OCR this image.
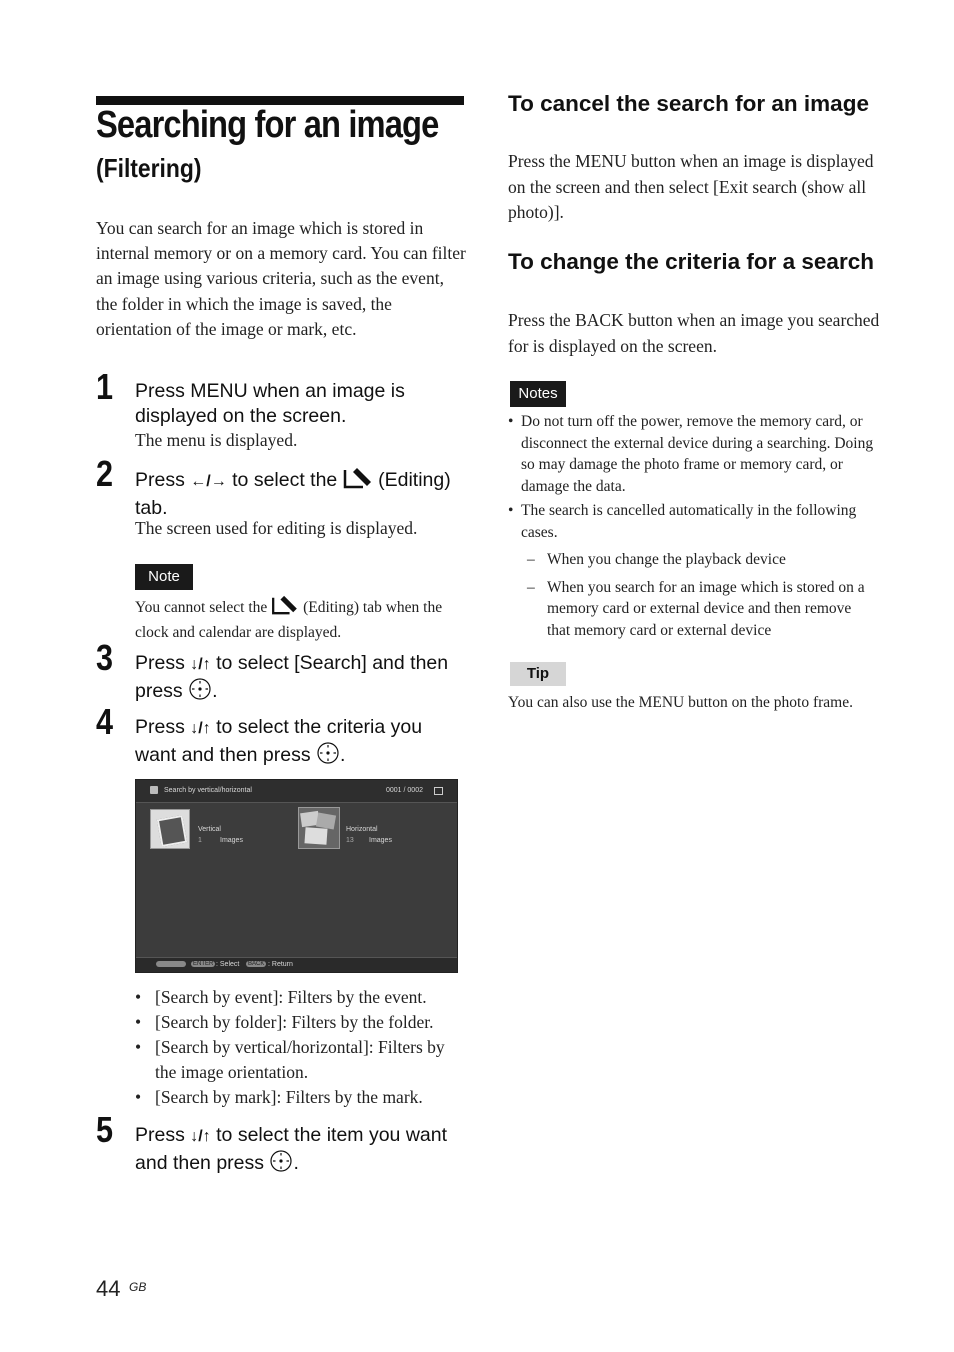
Searching for an image
(Filtering)
You can search for an image which is stored in internal memory or on a memory card. You can filter an image using various criteria, such as the event, the folder in which the image is saved, the orientation of the image or mark, etc.
1 Press MENU when an image is displayed on the screen.
The menu is displayed.
2 Press ←/→ to select the  (Editing) tab.
The screen used for editing is displayed.
Note
You cannot select the  (Editing) tab when the clock and calendar are displayed.
3 Press ↓/↑ to select [Search] and then press .
4 Press ↓/↑ to select the criteria you want and then press .
Search by vertical/horizontal	0001 / 0002
Vertical
1	Images
Horizontal
13 Images
ENTER : Select	BACK : Return
• [Search by event]: Filters by the event.
• [Search by folder]: Filters by the folder.
• [Search by vertical/horizontal]: Filters by the image orientation.
• [Search by mark]: Filters by the mark.
5 Press ↓/↑ to select the item you want and then press .
To cancel the search for an image
Press the MENU button when an image is displayed on the screen and then select [Exit search (show all photo)].
To change the criteria for a search
Press the BACK button when an image you searched for is displayed on the screen.
Notes
• Do not turn off the power, remove the memory card, or disconnect the external device during a searching. Doing so may damage the photo frame or memory card, or damage the data.
• The search is cancelled automatically in the following cases.
– When you change the playback device
– When you search for an image which is stored on a memory card or external device and then remove that memory card or external device
Tip
You can also use the MENU button on the photo frame.
44 GB
